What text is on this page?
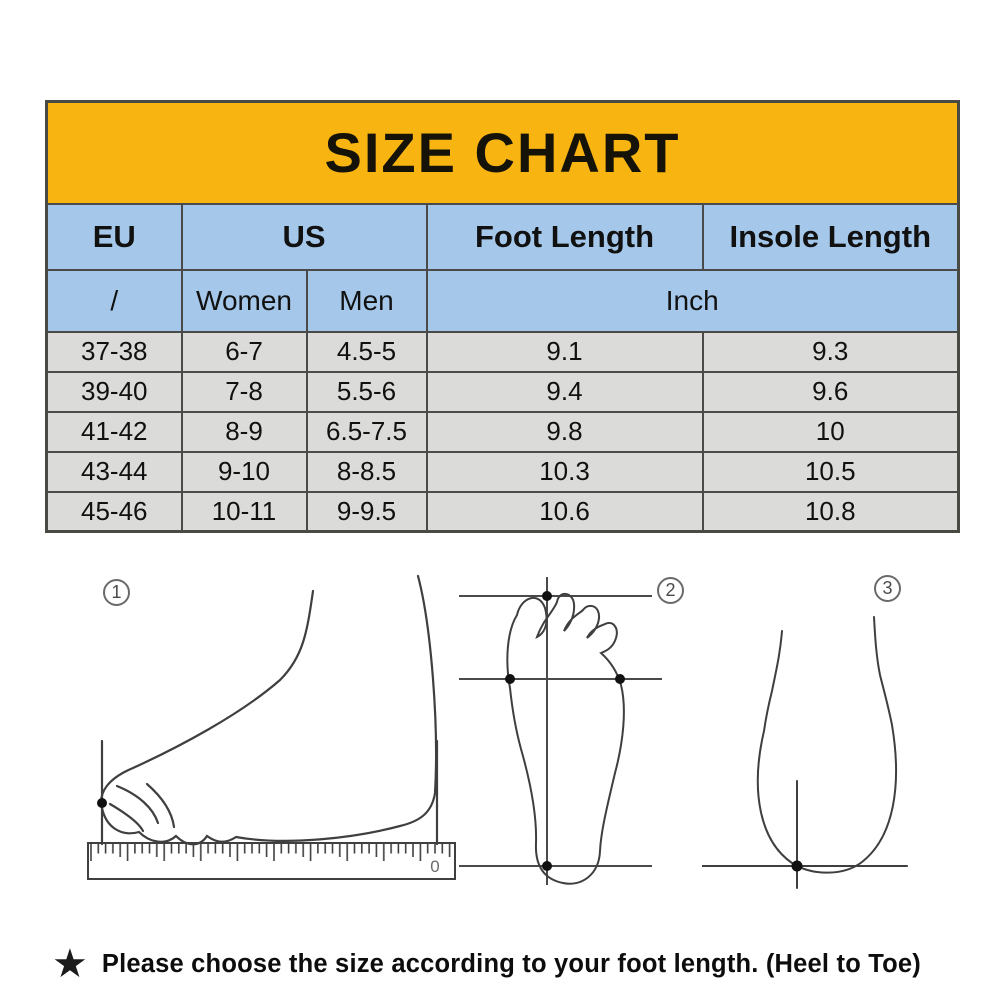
SIZE CHART				
EU	US		Foot Length	Insole Length
/	Women	Men	Inch	
37-38	6-7	4.5-5	9.1	9.3
39-40	7-8	5.5-6	9.4	9.6
41-42	8-9	6.5-7.5	9.8	10
43-44	9-10	8-8.5	10.3	10.5
45-46	10-11	9-9.5	10.6	10.8
1	2	3
0
★ Please choose the size according to your foot length. (Heel to Toe)
